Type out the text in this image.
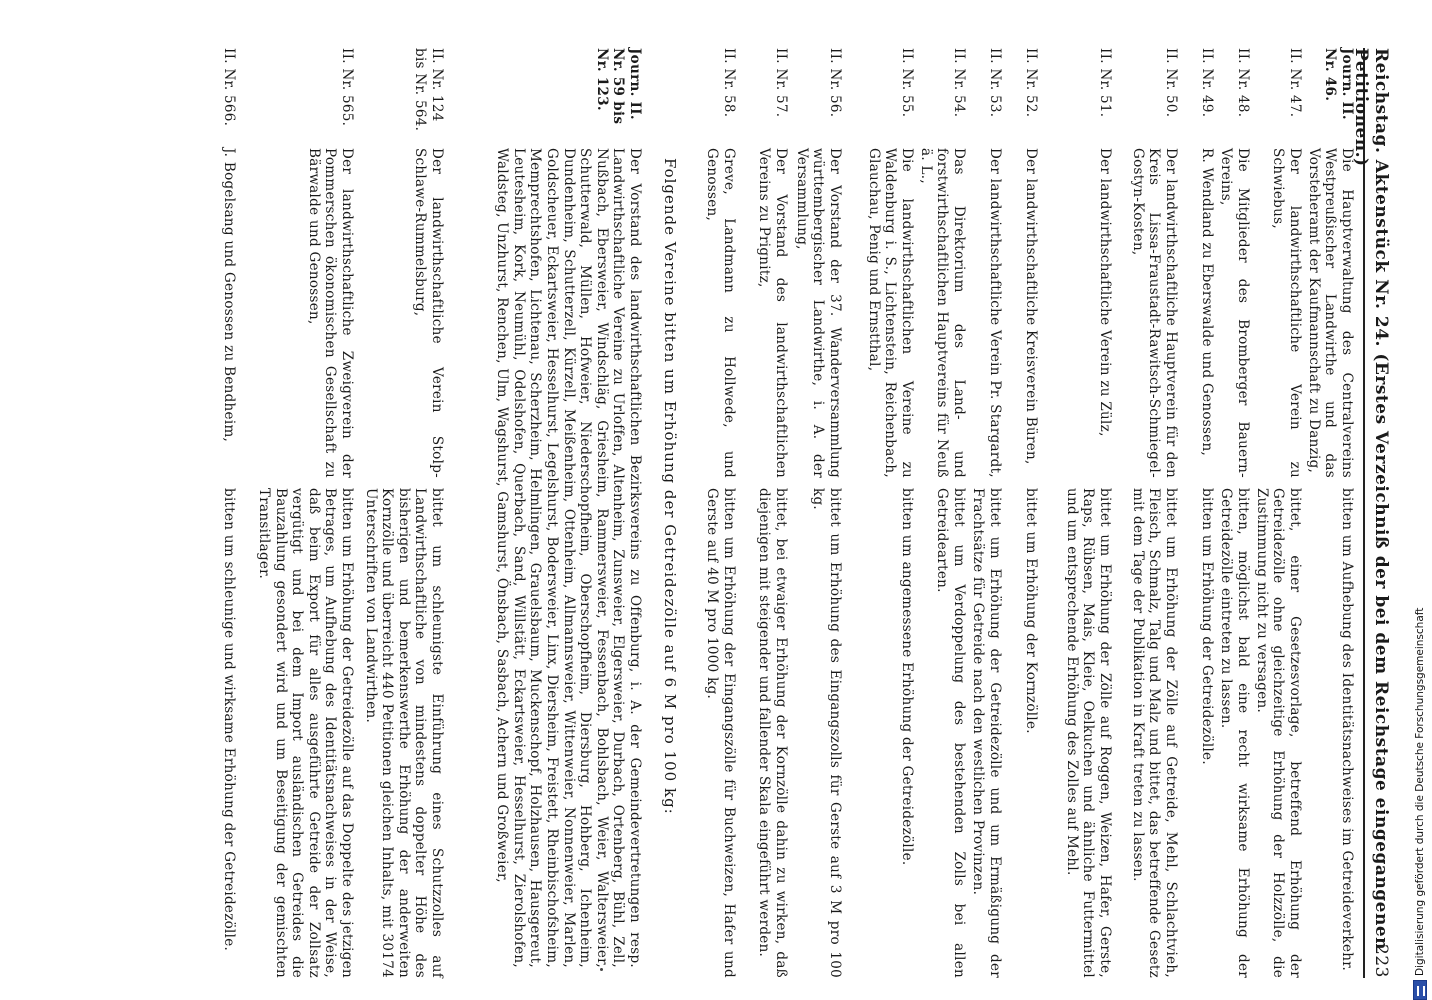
Reichstag. Aktenstück Nr. 24. (Erstes Verzeichniß der bei dem Reichstage eingegangenen Petitionen.)
223
Journ. II. Nr. 46.
Die Hauptverwaltung des Centralvereins Westpreußischer Landwirthe und das Vorsteheramt der Kaufmannschaft zu Danzig,
bitten um Aufhebung des Identitätsnachweises im Getreideverkehr.
II. Nr. 47.
Der landwirthschaftliche Verein zu Schwiebus,
bittet, einer Gesetzesvorlage, betreffend Erhöhung der Getreidezölle ohne gleichzeitige Erhöhung der Holzzölle, die Zustimmung nicht zu versagen.
II. Nr. 48.
Die Mitglieder des Bromberger Bauern-Vereins,
bitten, möglichst bald eine recht wirksame Erhöhung der Getreidezölle eintreten zu lassen.
II. Nr. 49.
R. Wendland zu Eberswalde und Genossen,
bitten um Erhöhung der Getreidezölle.
II. Nr. 50.
Der landwirthschaftliche Hauptverein für den Kreis Lissa-Fraustadt-Rawitsch-Schmiegel-Gostyn-Kosten,
bittet um Erhöhung der Zölle auf Getreide, Mehl, Schlachtvieh, Fleisch, Schmalz, Talg und Malz und bittet, das betreffende Gesetz mit dem Tage der Publikation in Kraft treten zu lassen.
II. Nr. 51.
Der landwirthschaftliche Verein zu Zülz,
bittet um Erhöhung der Zölle auf Roggen, Weizen, Hafer, Gerste, Raps, Rübsen, Mais, Kleie, Oelkuchen und ähnliche Futtermittel und um entsprechende Erhöhung des Zolles auf Mehl.
II. Nr. 52.
Der landwirthschaftliche Kreisverein Büren,
bittet um Erhöhung der Kornzölle.
II. Nr. 53.
Der landwirthschaftliche Verein Pr. Stargardt,
bittet um Erhöhung der Getreidezölle und um Ermäßigung der Frachtsätze für Getreide nach den westlichen Provinzen.
II. Nr. 54.
Das Direktorium des Land- und forstwirthschaftlichen Hauptvereins für Neuß ä. L.,
bittet um Verdoppelung des bestehenden Zolls bei allen Getreidearten.
II. Nr. 55.
Die landwirthschaftlichen Vereine zu Waldenburg i. S., Lichtenstein, Reichenbach, Glauchau, Penig und Ernstthal,
bitten um angemessene Erhöhung der Getreidezölle.
II. Nr. 56.
Der Vorstand der 37. Wanderversammlung württembergischer Landwirthe, i. A. der Versammlung,
bittet um Erhöhung des Eingangszolls für Gerste auf 3 M pro 100 kg.
II. Nr. 57.
Der Vorstand des landwirthschaftlichen Vereins zu Prignitz,
bittet, bei etwaiger Erhöhung der Kornzölle dahin zu wirken, daß diejenigen mit steigender und fallender Skala eingeführt werden.
II. Nr. 58.
Greve, Landmann zu Hollwede, und Genossen,
bitten um Erhöhung der Eingangszölle für Buchweizen, Hafer und Gerste auf 40 M pro 1000 kg.
Folgende Vereine bitten um Erhöhung der Getreidezölle auf 6 M pro 100 kg:
Journ. II. Nr. 59 bis Nr. 123.
Der Vorstand des landwirthschaftlichen Bezirksvereins zu Offenburg, i. A. der Gemeindevertretungen resp. Landwirthschaftliche Vereine zu Urloffen, Altenheim, Zunsweier, Elgersweier, Durbach, Ortenberg, Bühl, Zell, Nußbach, Ebersweier, Windschläg, Griesheim, Rammersweier, Fessenbach, Bohlsbach, Weier, Waltersweier, Schutterwald, Müllen, Hofweier, Niederschopfheim, Oberschopfheim, Diersburg, Hohberg, Ichenheim, Dundenheim, Schutterzell, Kürzell, Meißenheim, Ottenheim, Allmannsweier, Wittenweier, Nonnenweier, Marlen, Goldscheuer, Eckartsweier, Hesselhurst, Legelshurst, Bodersweier, Linx, Diersheim, Freistett, Rheinbischofsheim, Memprechtshofen, Lichtenau, Scherzheim, Helmlingen, Grauelsbaum, Muckenschopf, Holzhausen, Hausgereut, Leutesheim, Kork, Neumühl, Odelshofen, Querbach, Sand, Willstätt, Eckartsweier, Hesselhurst, Zierolshofen, Waldsteg, Unzhurst, Renchen, Ulm, Wagshurst, Gamshurst, Önsbach, Sasbach, Achern und Großweier,
II. Nr. 124 bis Nr. 564.
Der landwirthschaftliche Verein Stolp-Schlawe-Rummelsburg,
bittet um schleunigste Einführung eines Schutzzolles auf Landwirthschaftliche von mindestens doppelter Höhe des bisherigen und bemerkenswerthe Erhöhung der anderweiten Kornzölle und überreicht 440 Petitionen gleichen Inhalts, mit 30174 Unterschriften von Landwirthen.
II. Nr. 565.
Der landwirthschaftliche Zweigverein der Pommerschen ökonomischen Gesellschaft zu Bärwalde und Genossen,
bitten um Erhöhung der Getreidezölle auf das Doppelte des jetzigen Betrages, um Aufhebung des Identitätsnachweises in der Weise, daß beim Export für alles ausgeführte Getreide der Zollsatz vergütigt und bei dem Import ausländischen Getreides die Bauzahlung gesondert wird und um Beseitigung der gemischten Transitlager.
II. Nr. 566.
J. Bogelsang und Genossen zu Bendheim,
bitten um schleunige und wirksame Erhöhung der Getreidezölle.	Digitalisierung gefördert durch die Deutsche Forschungsgemeinschaft
